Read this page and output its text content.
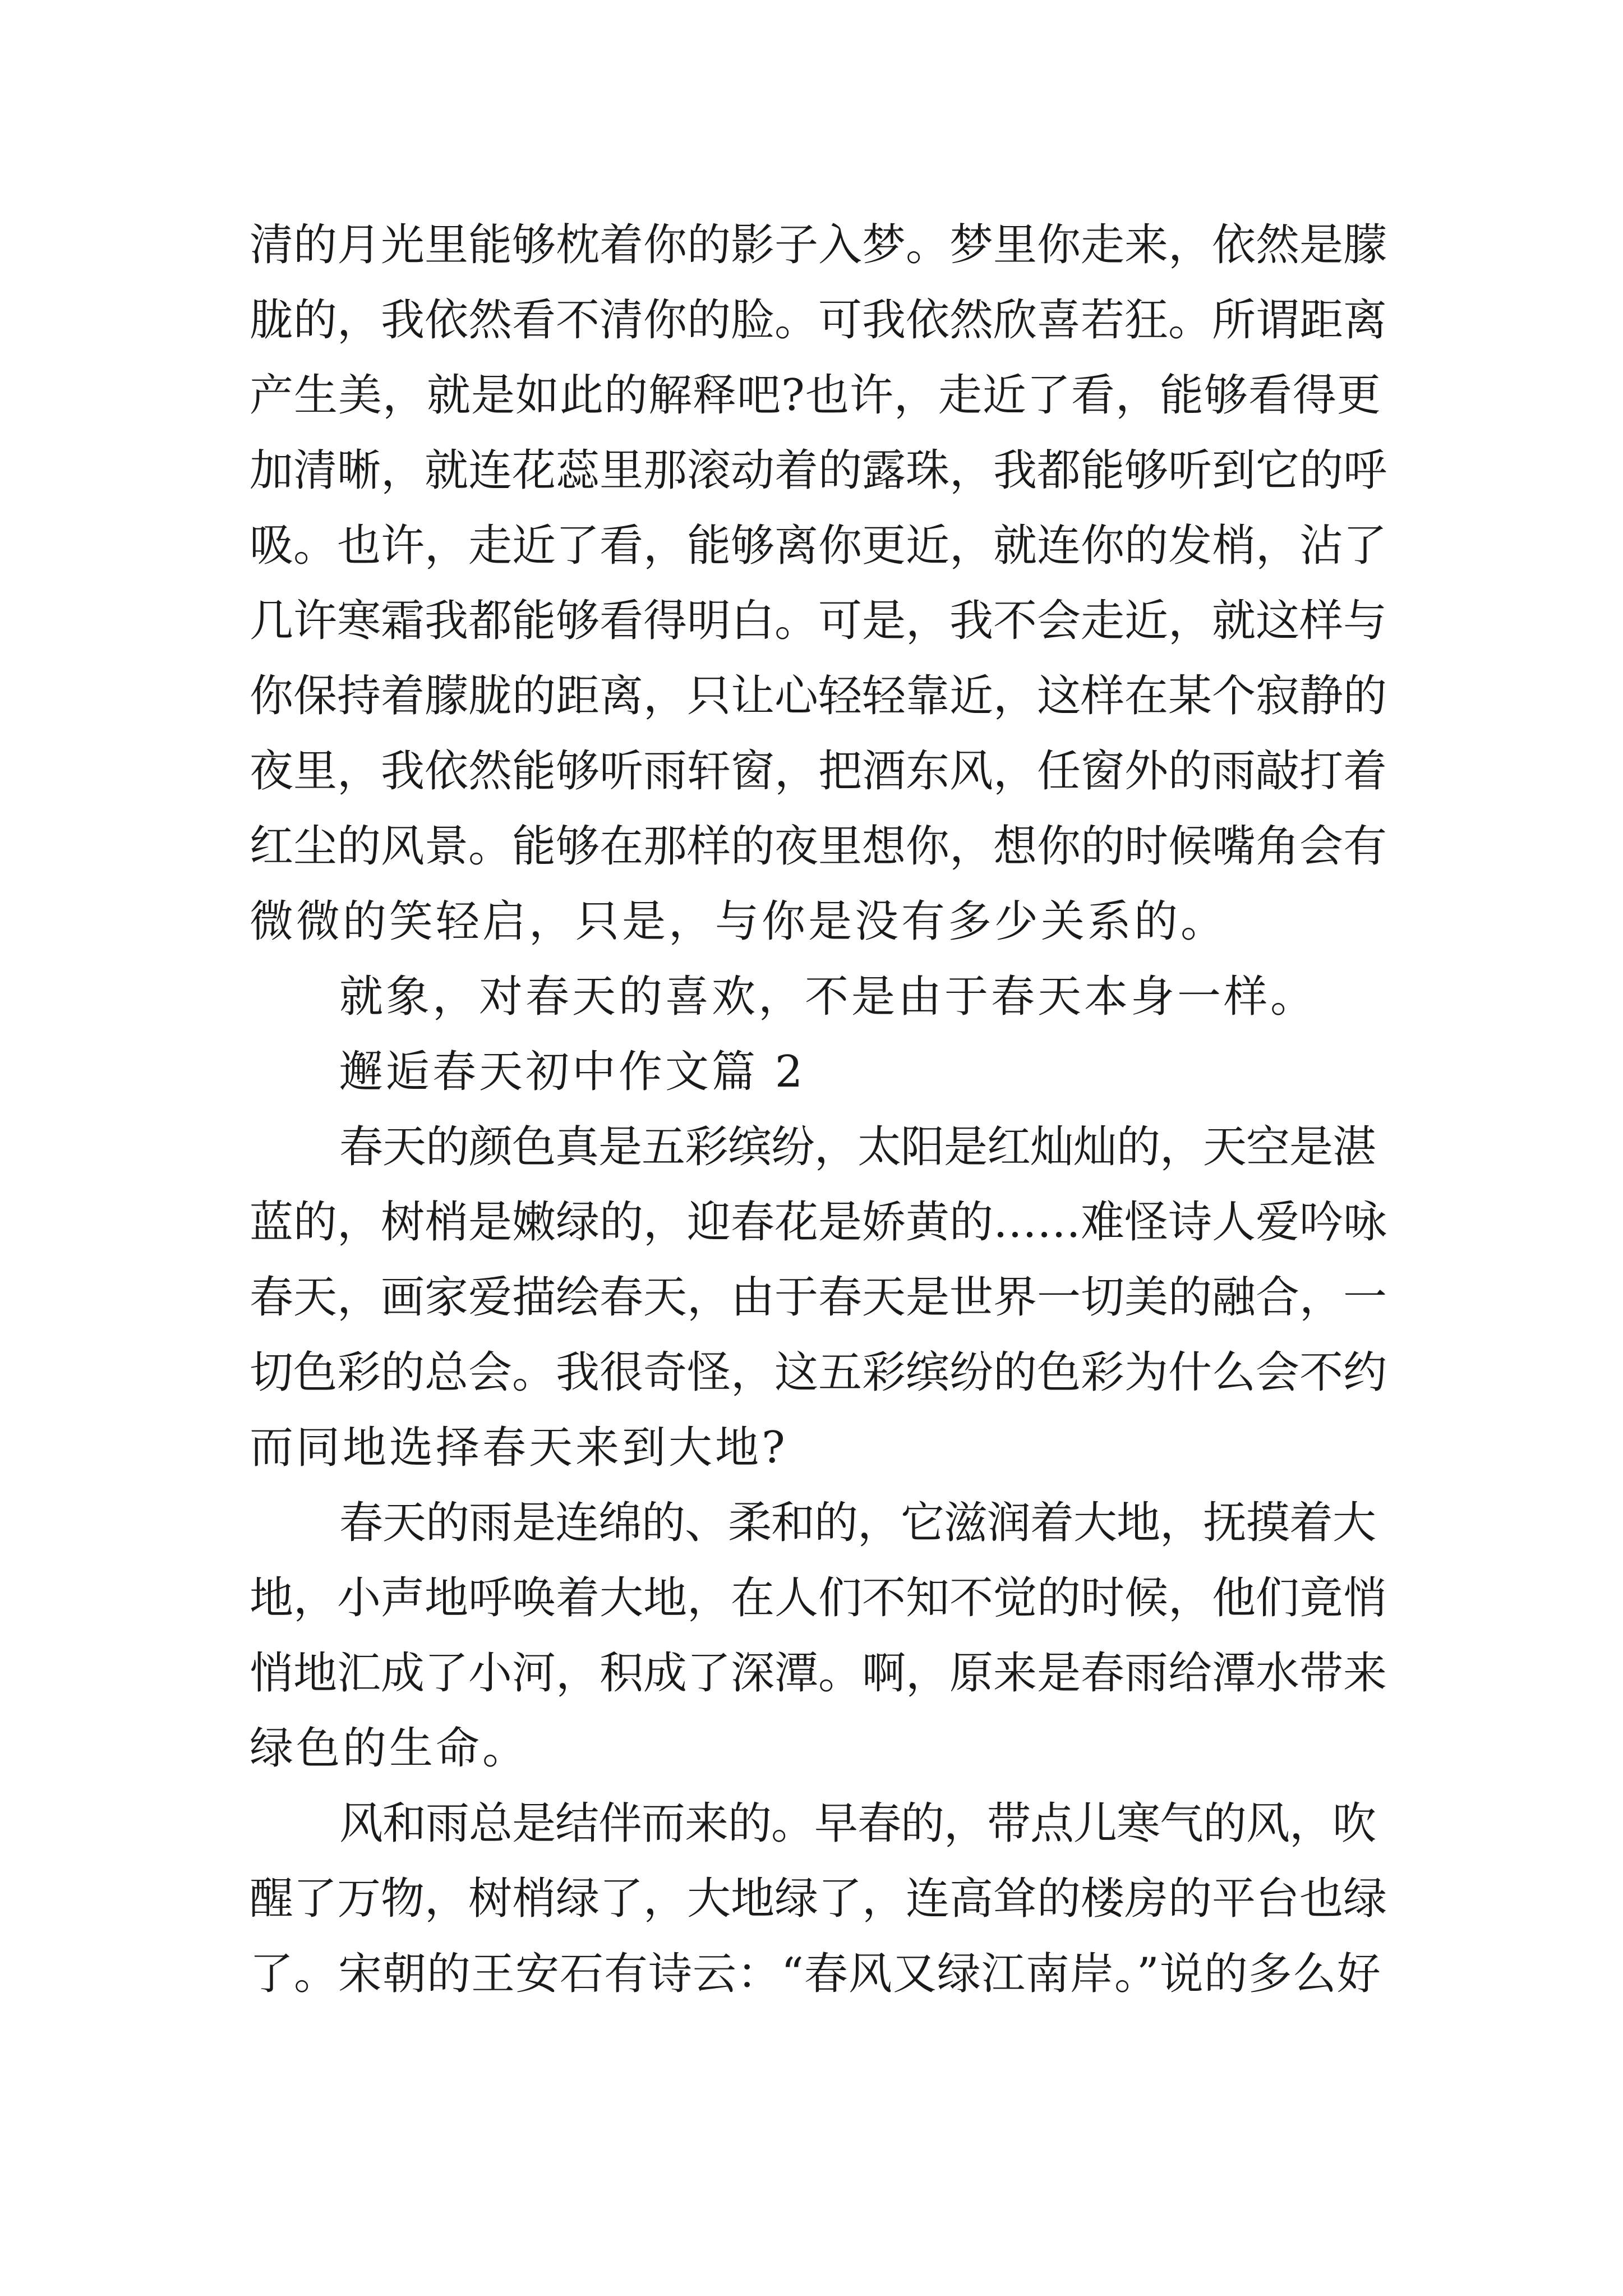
清的月光里能够枕着你的影子入梦。梦里你走来，依然是朦
胧的，我依然看不清你的脸。可我依然欣喜若狂。所谓距离
产生美，就是如此的解释吧?也许，走近了看，能够看得更
加清晰，就连花蕊里那滚动着的露珠，我都能够听到它的呼
吸。也许，走近了看，能够离你更近，就连你的发梢，沾了
几许寒霜我都能够看得明白。可是，我不会走近，就这样与
你保持着朦胧的距离，只让心轻轻靠近，这样在某个寂静的
夜里，我依然能够听雨轩窗，把酒东风，任窗外的雨敲打着
红尘的风景。能够在那样的夜里想你，想你的时候嘴角会有
微微的笑轻启，只是，与你是没有多少关系的。
就象，对春天的喜欢，不是由于春天本身一样。
邂逅春天初中作文篇 2
春天的颜色真是五彩缤纷，太阳是红灿灿的，天空是湛
蓝的，树梢是嫩绿的，迎春花是娇黄的……难怪诗人爱吟咏
春天，画家爱描绘春天，由于春天是世界一切美的融合，一
切色彩的总会。我很奇怪，这五彩缤纷的色彩为什么会不约
而同地选择春天来到大地?
春天的雨是连绵的、柔和的，它滋润着大地，抚摸着大
地，小声地呼唤着大地，在人们不知不觉的时候，他们竟悄
悄地汇成了小河，积成了深潭。啊，原来是春雨给潭水带来
绿色的生命。
风和雨总是结伴而来的。早春的，带点儿寒气的风，吹
醒了万物，树梢绿了，大地绿了，连高耸的楼房的平台也绿
了。宋朝的王安石有诗云：“春风又绿江南岸。”说的多么好
